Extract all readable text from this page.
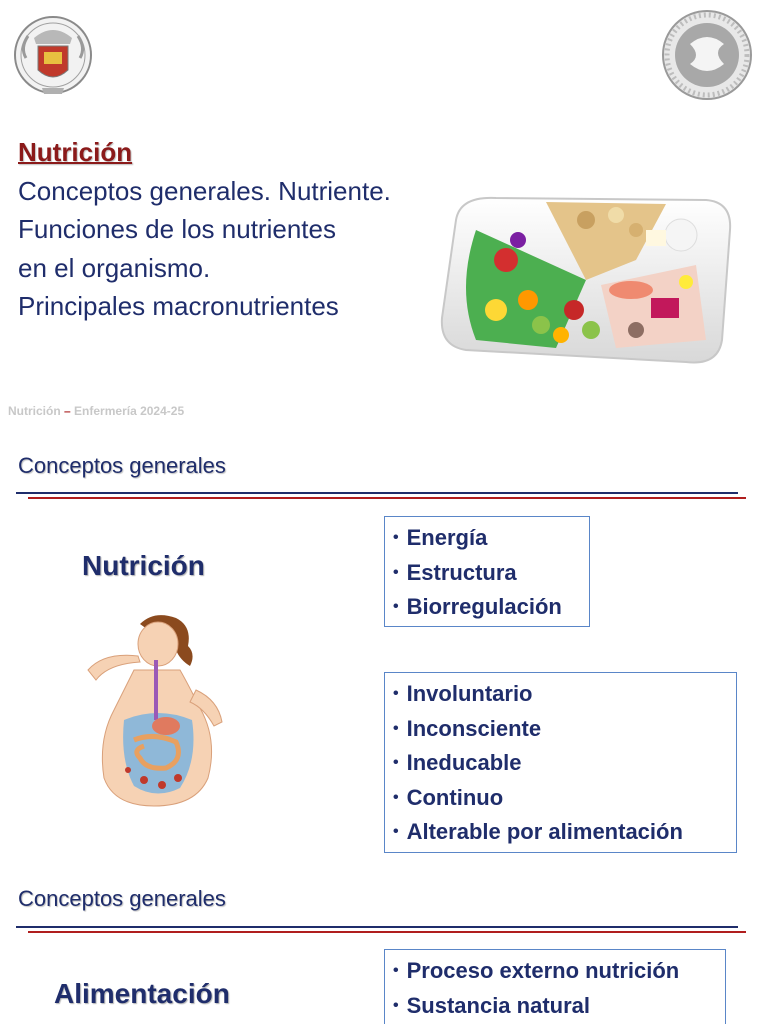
Nutrición
Conceptos generales. Nutriente.
Funciones de los nutrientes
en el organismo.
Principales macronutrientes
Nutrición – Enfermería 2024-25
Conceptos generales
Nutrición
• Energía
• Estructura
• Biorregulación
• Involuntario
• Inconsciente
• Ineducable
• Continuo
• Alterable por alimentación
Conceptos generales
Alimentación
• Proceso externo nutrición
• Sustancia natural
